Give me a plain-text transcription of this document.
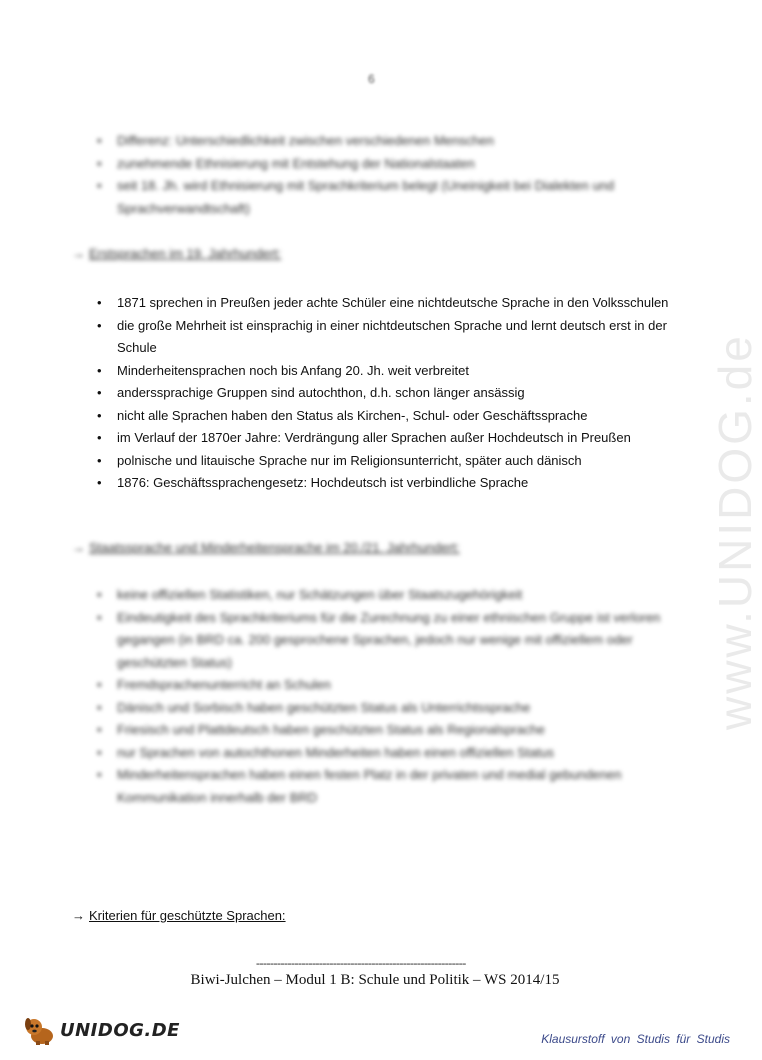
6
• Differenz: Unterschiedlichkeit zwischen verschiedenen Menschen
• zunehmende Ethnisierung mit Entstehung der Nationalstaaten
• seit 18. Jh. wird Ethnisierung mit Sprachkriterium belegt (Uneinigkeit bei Dialekten und Sprachverwandtschaft)
→ Erstsprachen im 19. Jahrhundert:
• 1871 sprechen in Preußen jeder achte Schüler eine nichtdeutsche Sprache in den Volksschulen
• die große Mehrheit ist einsprachig in einer nichtdeutschen Sprache und lernt deutsch erst in der Schule
• Minderheitensprachen noch bis Anfang 20. Jh. weit verbreitet
• anderssprachige Gruppen sind autochthon, d.h. schon länger ansässig
• nicht alle Sprachen haben den Status als Kirchen-, Schul- oder Geschäftssprache
• im Verlauf der 1870er Jahre: Verdrängung aller Sprachen außer Hochdeutsch in Preußen
• polnische und litauische Sprache nur im Religionsunterricht, später auch dänisch
• 1876: Geschäftssprachengesetz: Hochdeutsch ist verbindliche Sprache
→ Staatssprache und Minderheitensprache im 20./21. Jahrhundert:
• keine offiziellen Statistiken, nur Schätzungen über Staatszugehörigkeit
• Eindeutigkeit des Sprachkriteriums für die Zurechnung zu einer ethnischen Gruppe ist verloren gegangen (in BRD ca. 200 gesprochene Sprachen, jedoch nur wenige mit offiziellem oder geschützten Status)
• Fremdsprachenunterricht an Schulen
• Dänisch und Sorbisch haben geschützten Status als Unterrichtssprache
• Friesisch und Plattdeutsch haben geschützten Status als Regionalsprache
• nur Sprachen von autochthonen Minderheiten haben einen offiziellen Status
• Minderheitensprachen haben einen festen Platz in der privaten und medial gebundenen Kommunikation innerhalb der BRD
→ Kriterien für geschützte Sprachen:
------------------------------------------------------------
Biwi-Julchen – Modul 1 B: Schule und Politik – WS 2014/15
www.UNIDOG.de
UNIDOG.DE	Klausurstoff von Studis für Studis
